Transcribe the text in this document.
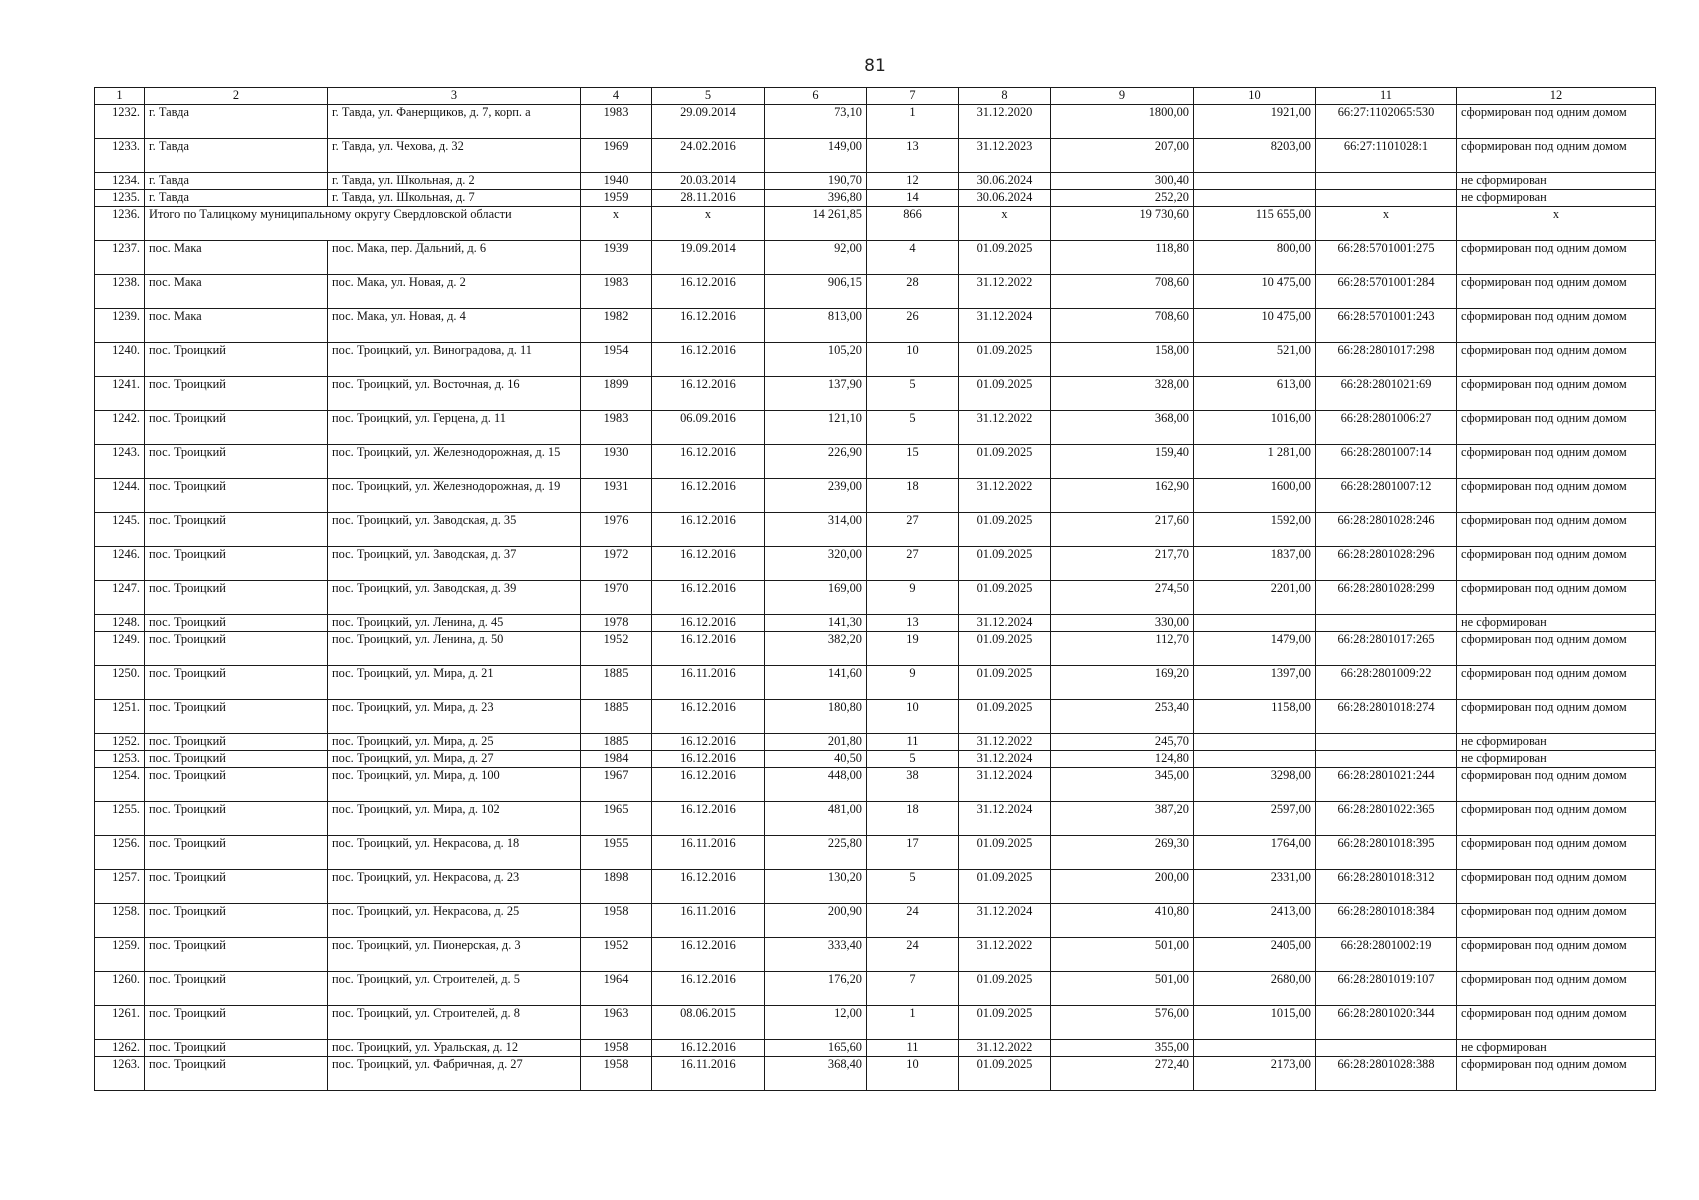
81
1	2	3	4	5	6	7	8	9	10	11	12
1232.	г. Тавда	г. Тавда, ул. Фанерщиков, д. 7, корп. а	1983	29.09.2014	73,10	1	31.12.2020	1800,00	1921,00	66:27:1102065:530	сформирован под одним домом
1233.	г. Тавда	г. Тавда, ул. Чехова, д. 32	1969	24.02.2016	149,00	13	31.12.2023	207,00	8203,00	66:27:1101028:1	сформирован под одним домом
1234.	г. Тавда	г. Тавда, ул. Школьная, д. 2	1940	20.03.2014	190,70	12	30.06.2024	300,40			не сформирован
1235.	г. Тавда	г. Тавда, ул. Школьная, д. 7	1959	28.11.2016	396,80	14	30.06.2024	252,20			не сформирован
1236.	Итого по Талицкому муниципальному округу Свердловской области		x	x	14 261,85	866	x	19 730,60	115 655,00	x	x
1237.	пос. Мака	пос. Мака, пер. Дальний, д. 6	1939	19.09.2014	92,00	4	01.09.2025	118,80	800,00	66:28:5701001:275	сформирован под одним домом
1238.	пос. Мака	пос. Мака, ул. Новая, д. 2	1983	16.12.2016	906,15	28	31.12.2022	708,60	10 475,00	66:28:5701001:284	сформирован под одним домом
1239.	пос. Мака	пос. Мака, ул. Новая, д. 4	1982	16.12.2016	813,00	26	31.12.2024	708,60	10 475,00	66:28:5701001:243	сформирован под одним домом
1240.	пос. Троицкий	пос. Троицкий, ул. Виноградова, д. 11	1954	16.12.2016	105,20	10	01.09.2025	158,00	521,00	66:28:2801017:298	сформирован под одним домом
1241.	пос. Троицкий	пос. Троицкий, ул. Восточная, д. 16	1899	16.12.2016	137,90	5	01.09.2025	328,00	613,00	66:28:2801021:69	сформирован под одним домом
1242.	пос. Троицкий	пос. Троицкий, ул. Герцена, д. 11	1983	06.09.2016	121,10	5	31.12.2022	368,00	1016,00	66:28:2801006:27	сформирован под одним домом
1243.	пос. Троицкий	пос. Троицкий, ул. Железнодорожная, д. 15	1930	16.12.2016	226,90	15	01.09.2025	159,40	1 281,00	66:28:2801007:14	сформирован под одним домом
1244.	пос. Троицкий	пос. Троицкий, ул. Железнодорожная, д. 19	1931	16.12.2016	239,00	18	31.12.2022	162,90	1600,00	66:28:2801007:12	сформирован под одним домом
1245.	пос. Троицкий	пос. Троицкий, ул. Заводская, д. 35	1976	16.12.2016	314,00	27	01.09.2025	217,60	1592,00	66:28:2801028:246	сформирован под одним домом
1246.	пос. Троицкий	пос. Троицкий, ул. Заводская, д. 37	1972	16.12.2016	320,00	27	01.09.2025	217,70	1837,00	66:28:2801028:296	сформирован под одним домом
1247.	пос. Троицкий	пос. Троицкий, ул. Заводская, д. 39	1970	16.12.2016	169,00	9	01.09.2025	274,50	2201,00	66:28:2801028:299	сформирован под одним домом
1248.	пос. Троицкий	пос. Троицкий, ул. Ленина, д. 45	1978	16.12.2016	141,30	13	31.12.2024	330,00			не сформирован
1249.	пос. Троицкий	пос. Троицкий, ул. Ленина, д. 50	1952	16.12.2016	382,20	19	01.09.2025	112,70	1479,00	66:28:2801017:265	сформирован под одним домом
1250.	пос. Троицкий	пос. Троицкий, ул. Мира, д. 21	1885	16.11.2016	141,60	9	01.09.2025	169,20	1397,00	66:28:2801009:22	сформирован под одним домом
1251.	пос. Троицкий	пос. Троицкий, ул. Мира, д. 23	1885	16.12.2016	180,80	10	01.09.2025	253,40	1158,00	66:28:2801018:274	сформирован под одним домом
1252.	пос. Троицкий	пос. Троицкий, ул. Мира, д. 25	1885	16.12.2016	201,80	11	31.12.2022	245,70			не сформирован
1253.	пос. Троицкий	пос. Троицкий, ул. Мира, д. 27	1984	16.12.2016	40,50	5	31.12.2024	124,80			не сформирован
1254.	пос. Троицкий	пос. Троицкий, ул. Мира, д. 100	1967	16.12.2016	448,00	38	31.12.2024	345,00	3298,00	66:28:2801021:244	сформирован под одним домом
1255.	пос. Троицкий	пос. Троицкий, ул. Мира, д. 102	1965	16.12.2016	481,00	18	31.12.2024	387,20	2597,00	66:28:2801022:365	сформирован под одним домом
1256.	пос. Троицкий	пос. Троицкий, ул. Некрасова, д. 18	1955	16.11.2016	225,80	17	01.09.2025	269,30	1764,00	66:28:2801018:395	сформирован под одним домом
1257.	пос. Троицкий	пос. Троицкий, ул. Некрасова, д. 23	1898	16.12.2016	130,20	5	01.09.2025	200,00	2331,00	66:28:2801018:312	сформирован под одним домом
1258.	пос. Троицкий	пос. Троицкий, ул. Некрасова, д. 25	1958	16.11.2016	200,90	24	31.12.2024	410,80	2413,00	66:28:2801018:384	сформирован под одним домом
1259.	пос. Троицкий	пос. Троицкий, ул. Пионерская, д. 3	1952	16.12.2016	333,40	24	31.12.2022	501,00	2405,00	66:28:2801002:19	сформирован под одним домом
1260.	пос. Троицкий	пос. Троицкий, ул. Строителей, д. 5	1964	16.12.2016	176,20	7	01.09.2025	501,00	2680,00	66:28:2801019:107	сформирован под одним домом
1261.	пос. Троицкий	пос. Троицкий, ул. Строителей, д. 8	1963	08.06.2015	12,00	1	01.09.2025	576,00	1015,00	66:28:2801020:344	сформирован под одним домом
1262.	пос. Троицкий	пос. Троицкий, ул. Уральская, д. 12	1958	16.12.2016	165,60	11	31.12.2022	355,00			не сформирован
1263.	пос. Троицкий	пос. Троицкий, ул. Фабричная, д. 27	1958	16.11.2016	368,40	10	01.09.2025	272,40	2173,00	66:28:2801028:388	сформирован под одним домом
